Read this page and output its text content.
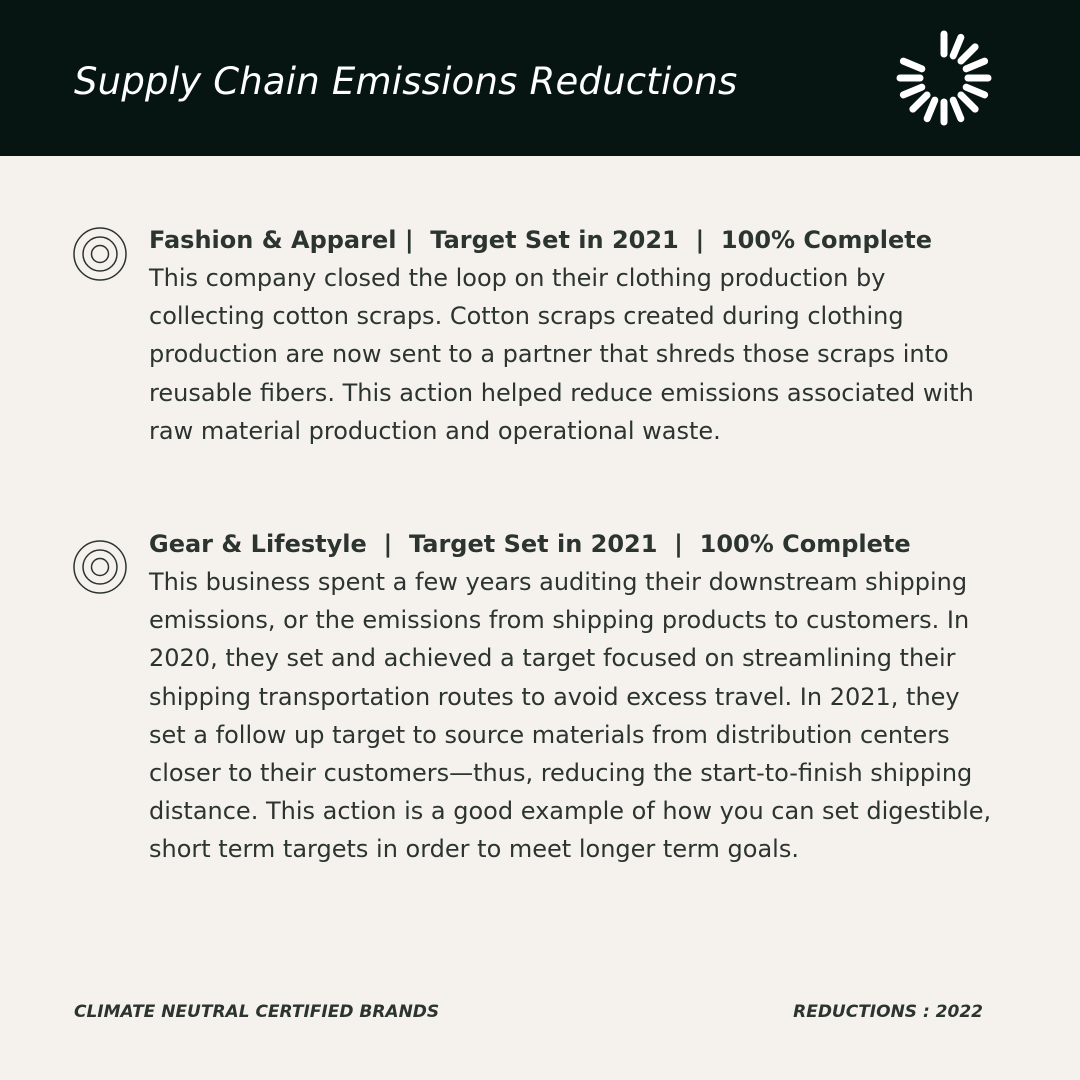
Supply Chain Emissions Reductions
Fashion & Apparel |  Target Set in 2021  |  100% Complete

This company closed the loop on their clothing production by collecting cotton scraps. Cotton scraps created during clothing production are now sent to a partner that shreds those scraps into reusable fibers. This action helped reduce emissions associated with raw material production and operational waste.

Gear & Lifestyle  |  Target Set in 2021  |  100% Complete

This business spent a few years auditing their downstream shipping emissions, or the emissions from shipping products to customers. In 2020, they set and achieved a target focused on streamlining their shipping transportation routes to avoid excess travel. In 2021, they set a follow up target to source materials from distribution centers closer to their customers—thus, reducing the start-to-finish shipping distance. This action is a good example of how you can set digestible, short term targets in order to meet longer term goals.

CLIMATE NEUTRAL CERTIFIED BRANDS	REDUCTIONS : 2022
